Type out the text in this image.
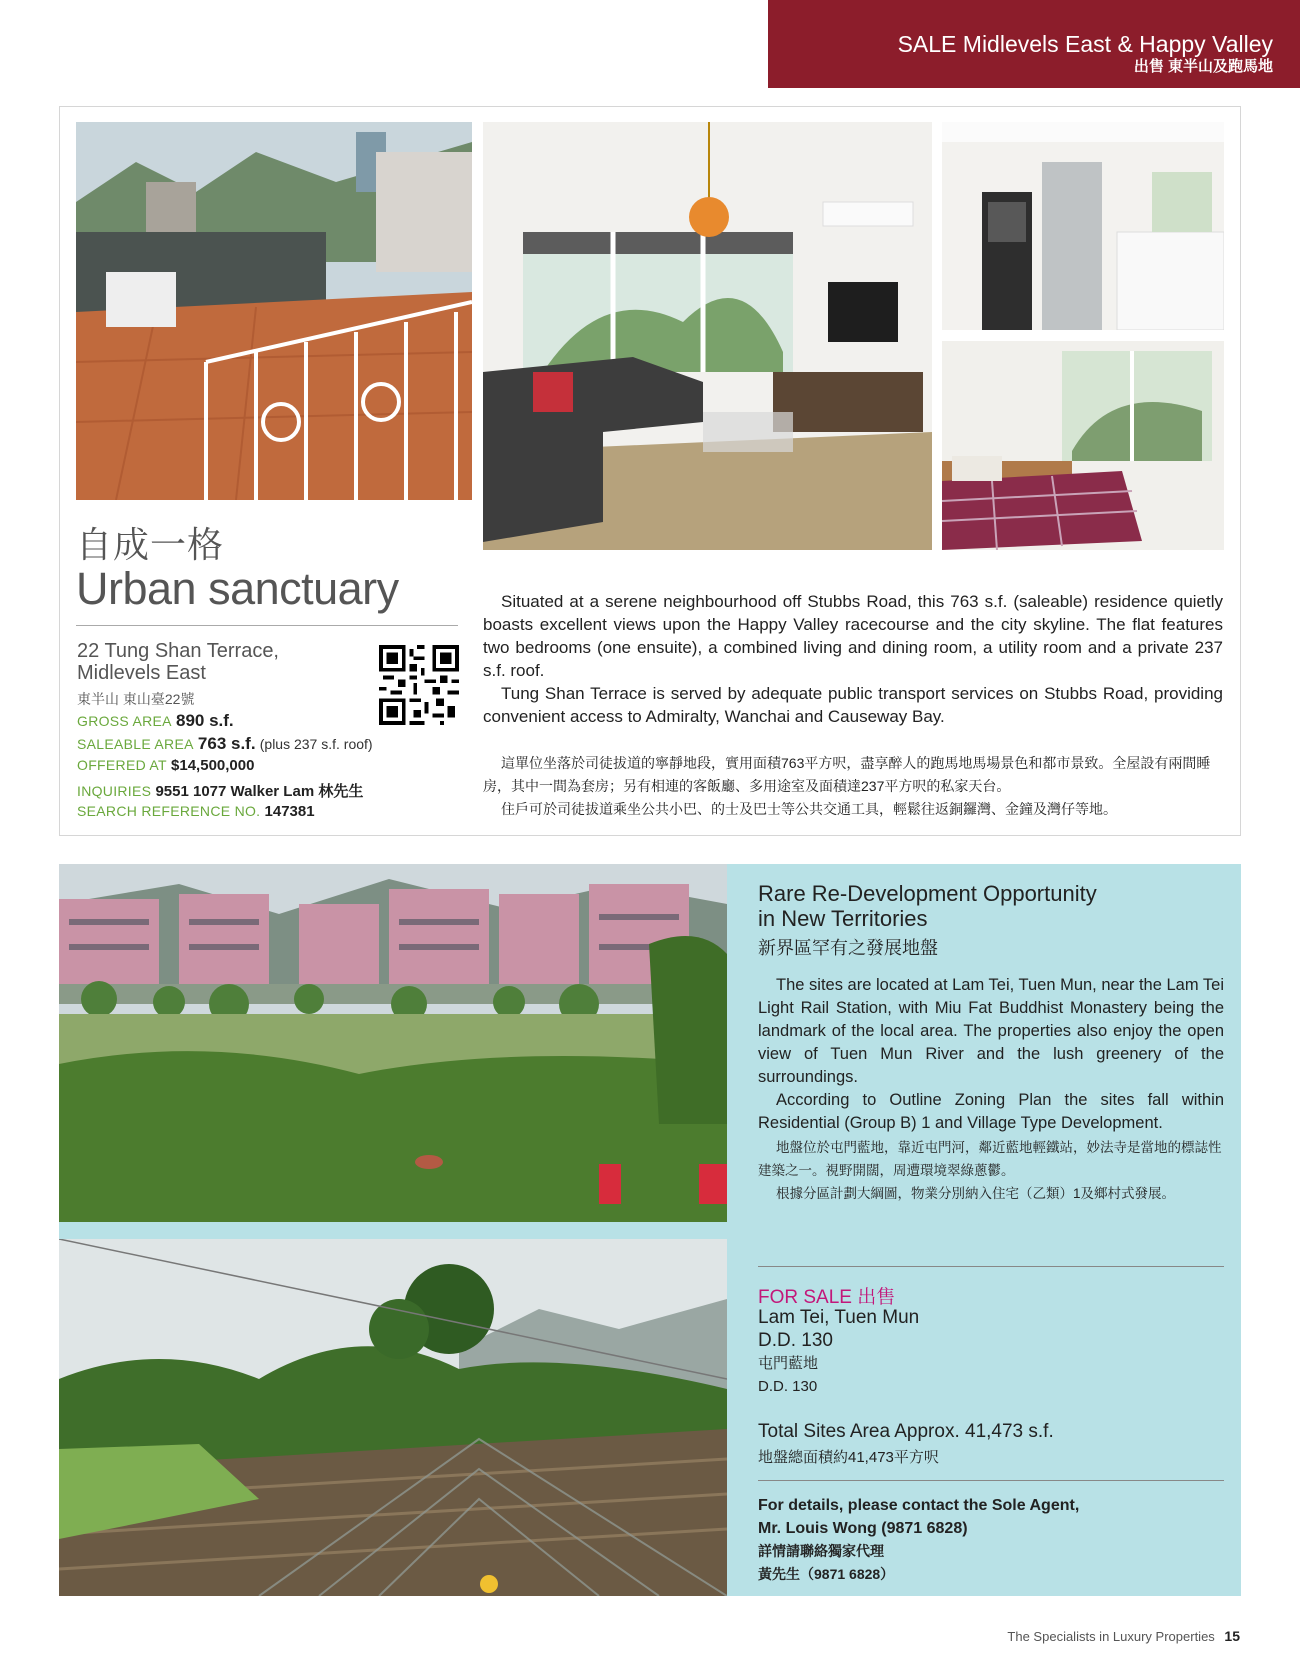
SALE Midlevels East & Happy Valley
出售 東半山及跑馬地
自成一格
Urban sanctuary
22 Tung Shan Terrace,
Midlevels East
東半山 東山臺22號
GROSS AREA 890 s.f.
SALEABLE AREA 763 s.f. (plus 237 s.f. roof)
OFFERED AT $14,500,000
INQUIRIES 9551 1077 Walker Lam 林先生
SEARCH REFERENCE NO. 147381

Situated at a serene neighbourhood off Stubbs Road, this 763 s.f. (saleable) residence quietly boasts excellent views upon the Happy Valley racecourse and the city skyline. The flat features two bedrooms (one ensuite), a combined living and dining room, a utility room and a private 237 s.f. roof.

Tung Shan Terrace is served by adequate public transport services on Stubbs Road, providing convenient access to Admiralty, Wanchai and Causeway Bay.

這單位坐落於司徒拔道的寧靜地段，實用面積763平方呎，盡享醉人的跑馬地馬場景色和都市景致。全屋設有兩間睡房，其中一間為套房；另有相連的客飯廳、多用途室及面積達237平方呎的私家天台。

住戶可於司徒拔道乘坐公共小巴、的士及巴士等公共交通工具，輕鬆往返銅鑼灣、金鐘及灣仔等地。

Rare Re-Development Opportunity
in New Territories
新界區罕有之發展地盤

The sites are located at Lam Tei, Tuen Mun, near the Lam Tei Light Rail Station, with Miu Fat Buddhist Monastery being the landmark of the local area. The properties also enjoy the open view of Tuen Mun River and the lush greenery of the surroundings.

According to Outline Zoning Plan the sites fall within Residential (Group B) 1 and Village Type Development.

地盤位於屯門藍地，靠近屯門河，鄰近藍地輕鐵站，妙法寺是當地的標誌性建築之一。視野開闊，周遭環境翠綠蔥鬱。

根據分區計劃大綱圖，物業分別納入住宅（乙類）1及鄉村式發展。

FOR SALE 出售
Lam Tei, Tuen Mun
D.D. 130
屯門藍地
D.D. 130
Total Sites Area Approx. 41,473 s.f.
地盤總面積約41,473平方呎
For details, please contact the Sole Agent,
Mr. Louis Wong (9871 6828)
詳情請聯絡獨家代理
黃先生（9871 6828）
The Specialists in Luxury Properties 15
